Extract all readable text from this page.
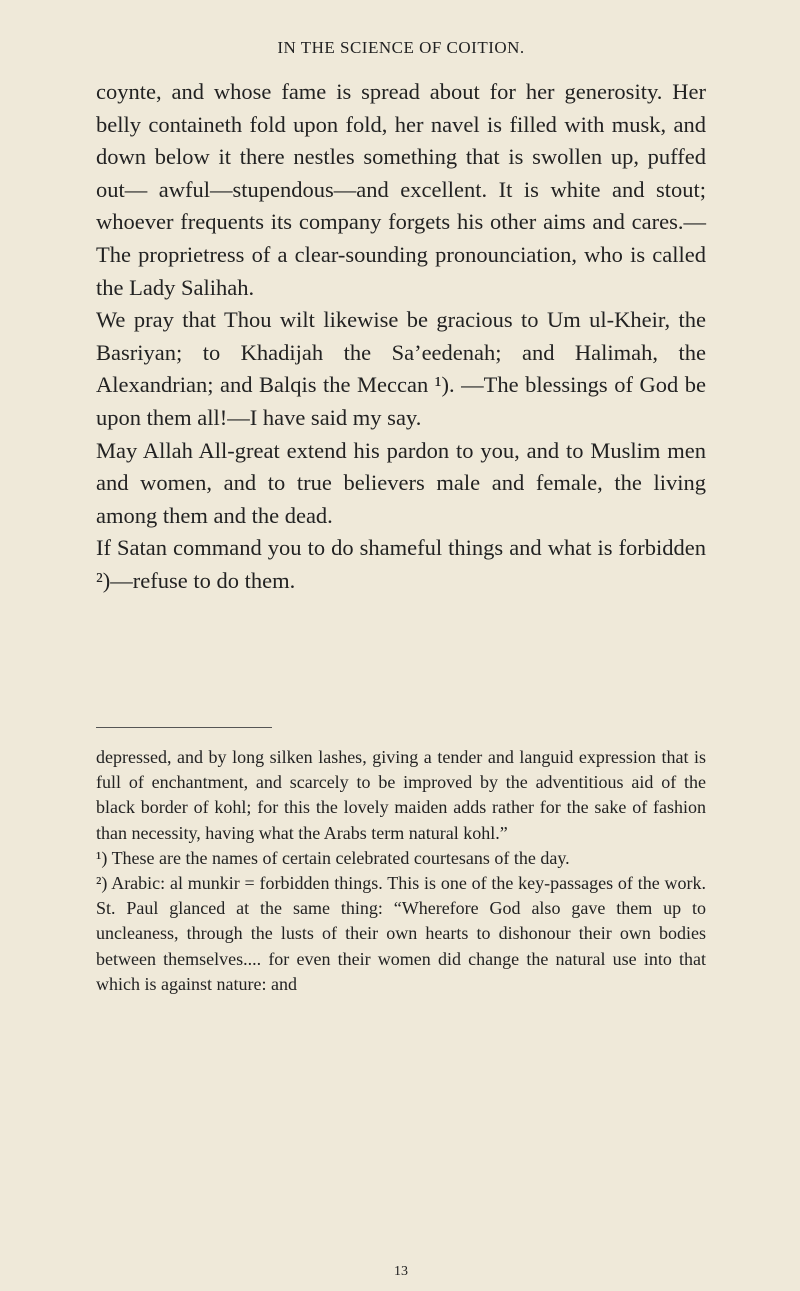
IN THE SCIENCE OF COITION.

coynte, and whose fame is spread about for her generosity. Her belly containeth fold upon fold, her navel is filled with musk, and down below it there nestles something that is swollen up, puffed out— awful—stupendous—and excellent. It is white and stout; whoever frequents its company forgets his other aims and cares.—The proprietress of a clear-sounding pronounciation, who is called the Lady Salihah.

We pray that Thou wilt likewise be gracious to Um ul-Kheir, the Basriyan; to Khadijah the Sa’eedenah; and Halimah, the Alexandrian; and Balqis the Meccan ¹). —The blessings of God be upon them all!—I have said my say.

May Allah All-great extend his pardon to you, and to Muslim men and women, and to true believers male and female, the living among them and the dead.

If Satan command you to do shameful things and what is forbidden ²)—refuse to do them.

depressed, and by long silken lashes, giving a tender and languid expression that is full of enchantment, and scarcely to be improved by the adventitious aid of the black border of kohl; for this the lovely maiden adds rather for the sake of fashion than necessity, having what the Arabs term natural kohl.”

¹) These are the names of certain celebrated courtesans of the day.

²) Arabic: al munkir = forbidden things. This is one of the key-passages of the work. St. Paul glanced at the same thing: “Wherefore God also gave them up to uncleaness, through the lusts of their own hearts to dishonour their own bodies between themselves.... for even their women did change the natural use into that which is against nature: and

13
